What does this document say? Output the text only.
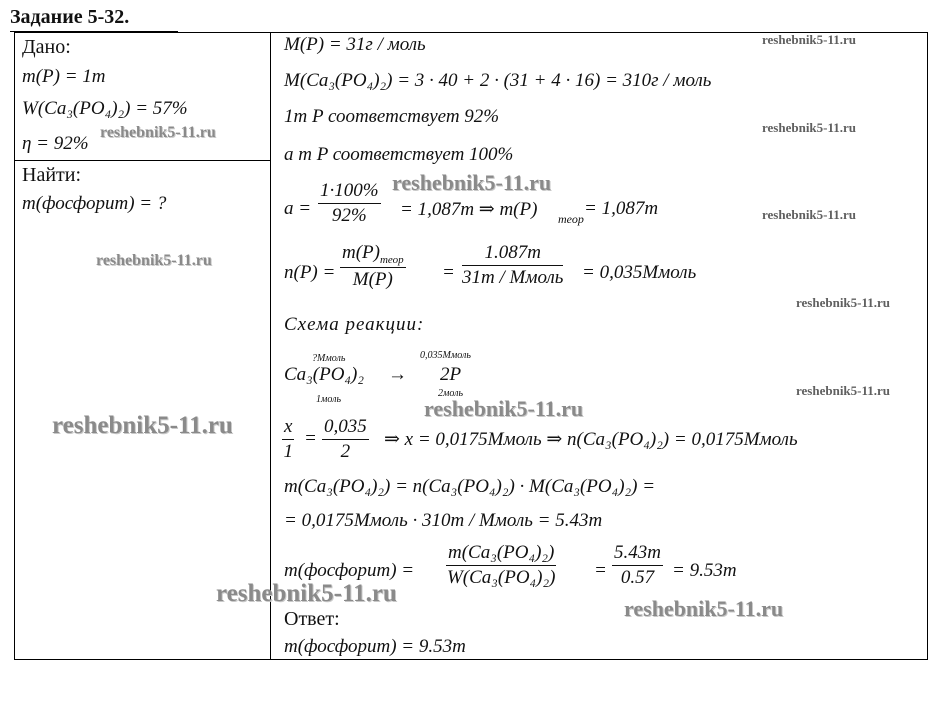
Задание 5-32.
Дано:
m(P) = 1т
W(Ca₃(PO₄)₂) = 57%
η = 92%
Найти:
m(фосфорит) = ?
M(P) = 31г / моль
M(Ca₃(PO₄)₂) = 3 · 40 + 2 · (31 + 4 · 16) = 310г / моль
1т P соответствует 92%
a т P соответствует 100%
$a = \frac{1\cdot 100\%}{92\%} = 1,087т$ ⇒ m(P) теор = 1,087т
n(P) =
$m(P)_{теор}$
M(P)	=
1.087т
31т / Mмоль = 0,035Mмоль
Схема реакции:
?Mмоль	0,035Mмоль
Ca₃(PO₄)₂ → 2P
1моль
2моль
$\frac{x}{1} = \frac{0,035}{2}$ ⇒ x = 0,0175Mмоль ⇒ n(Ca₃(PO₄)₂) = 0,0175Mмоль
m(Ca₃(PO₄)₂) = n(Ca₃(PO₄)₂) · M(Ca₃(PO₄)₂) =
= 0,0175Mмоль · 310т / Mмоль = 5.43т
m(фосфорит) = $\frac{\text{m(Ca₃(PO₄)₂)}}{\text{W(Ca₃(PO₄)₂)}}$ =
5.43т
0.57 = 9.53т
Ответ:
m(фосфорит) = 9.53т
reshebnik5-11.ru
reshebnik5-11.ru
reshebnik5-11.ru
reshebnik5-11.ru
reshebnik5-11.ru
reshebnik5-11.ru
reshebnik5-11.ru
reshebnik5-11.ru
reshebnik5-11.ru
reshebnik5-11.ru
reshebnik5-11.ru
reshebnik5-11.ru
